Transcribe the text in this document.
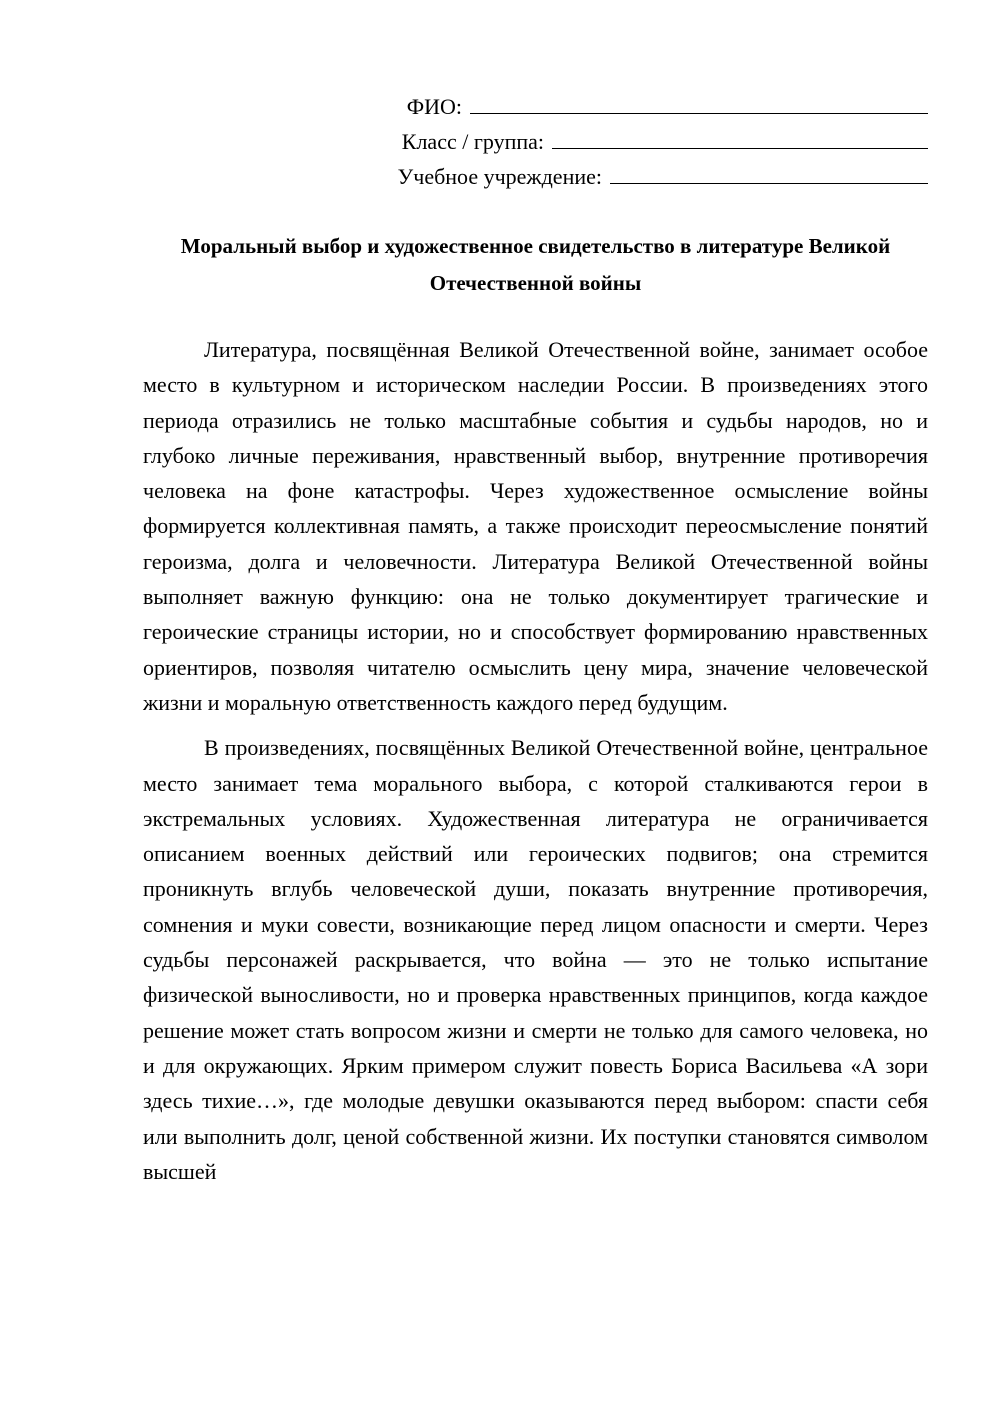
ФИО:
Класс / группа:
Учебное учреждение:
Моральный выбор и художественное свидетельство в литературе Великой Отечественной войны

Литература, посвящённая Великой Отечественной войне, занимает особое место в культурном и историческом наследии России. В произведениях этого периода отразились не только масштабные события и судьбы народов, но и глубоко личные переживания, нравственный выбор, внутренние противоречия человека на фоне катастрофы. Через художественное осмысление войны формируется коллективная память, а также происходит переосмысление понятий героизма, долга и человечности. Литература Великой Отечественной войны выполняет важную функцию: она не только документирует трагические и героические страницы истории, но и способствует формированию нравственных ориентиров, позволяя читателю осмыслить цену мира, значение человеческой жизни и моральную ответственность каждого перед будущим.

В произведениях, посвящённых Великой Отечественной войне, центральное место занимает тема морального выбора, с которой сталкиваются герои в экстремальных условиях. Художественная литература не ограничивается описанием военных действий или героических подвигов; она стремится проникнуть вглубь человеческой души, показать внутренние противоречия, сомнения и муки совести, возникающие перед лицом опасности и смерти. Через судьбы персонажей раскрывается, что война — это не только испытание физической выносливости, но и проверка нравственных принципов, когда каждое решение может стать вопросом жизни и смерти не только для самого человека, но и для окружающих. Ярким примером служит повесть Бориса Васильева «А зори здесь тихие…», где молодые девушки оказываются перед выбором: спасти себя или выполнить долг, ценой собственной жизни. Их поступки становятся символом высшей
